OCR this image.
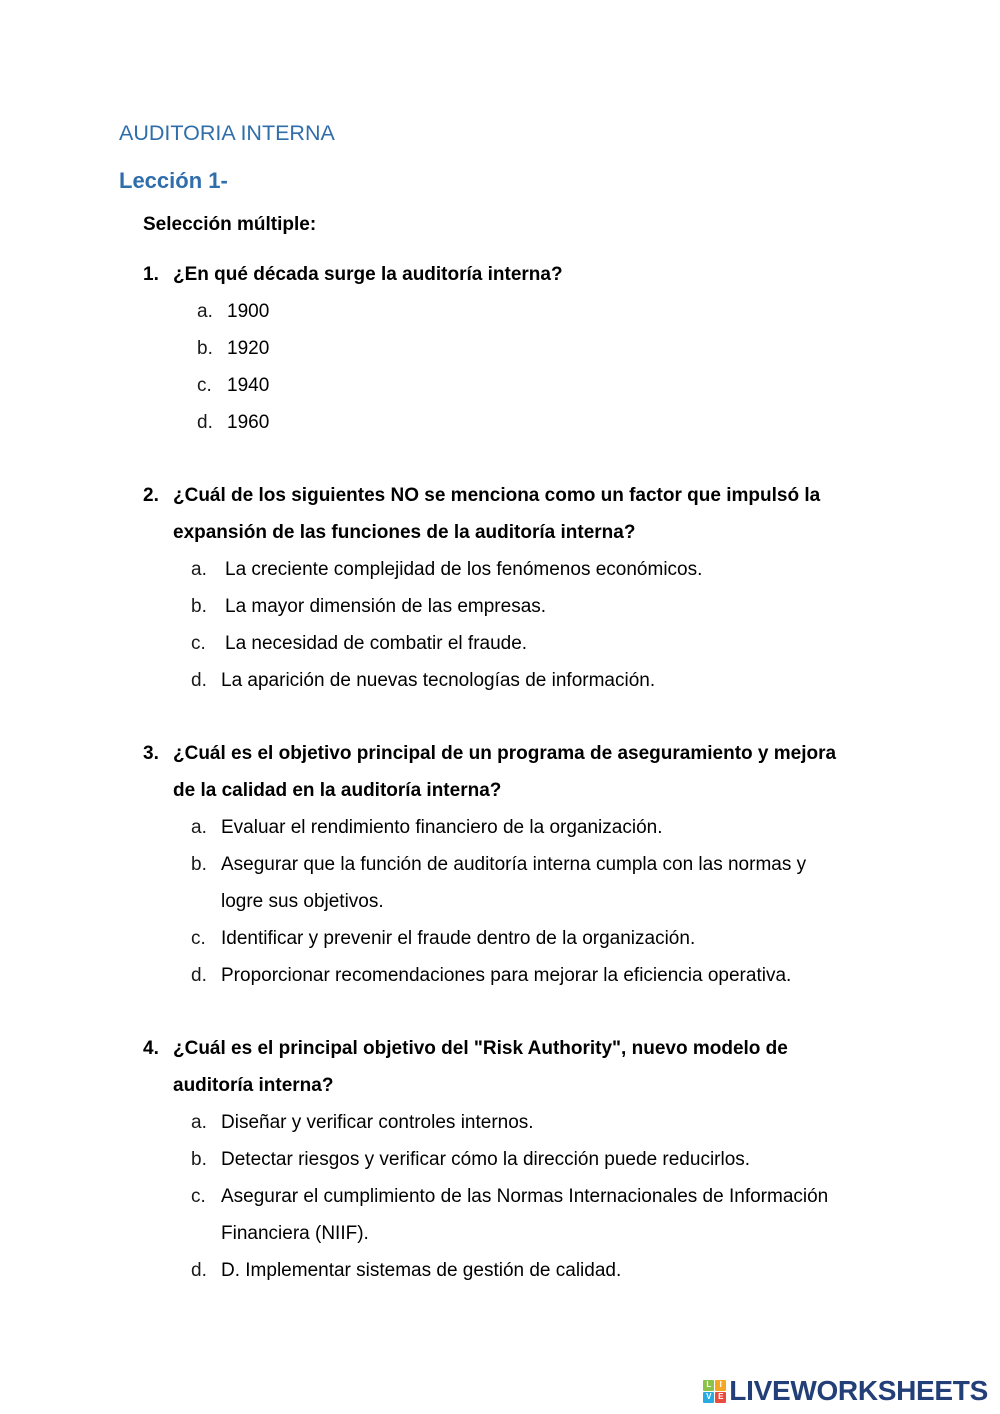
AUDITORIA INTERNA
Lección 1-
Selección múltiple:
1. ¿En qué década surge la auditoría interna?
a. 1900
b. 1920
c. 1940
d. 1960
2. ¿Cuál de los siguientes NO se menciona como un factor que impulsó la
expansión de las funciones de la auditoría interna?
a. La creciente complejidad de los fenómenos económicos.
b. La mayor dimensión de las empresas.
c.	La necesidad de combatir el fraude.
d. La aparición de nuevas tecnologías de información.
3. ¿Cuál es el objetivo principal de un programa de aseguramiento y mejora
de la calidad en la auditoría interna?
a. Evaluar el rendimiento financiero de la organización.
b. Asegurar que la función de auditoría interna cumpla con las normas y
logre sus objetivos.
c. Identificar y prevenir el fraude dentro de la organización.
d. Proporcionar recomendaciones para mejorar la eficiencia operativa.
4. ¿Cuál es el principal objetivo del "Risk Authority", nuevo modelo de
auditoría interna?
a. Diseñar y verificar controles internos.
b. Detectar riesgos y verificar cómo la dirección puede reducirlos.
c. Asegurar el cumplimiento de las Normas Internacionales de Información
Financiera (NIIF).
d. D. Implementar sistemas de gestión de calidad.
L	I
V E LIVEWORKSHEETS
